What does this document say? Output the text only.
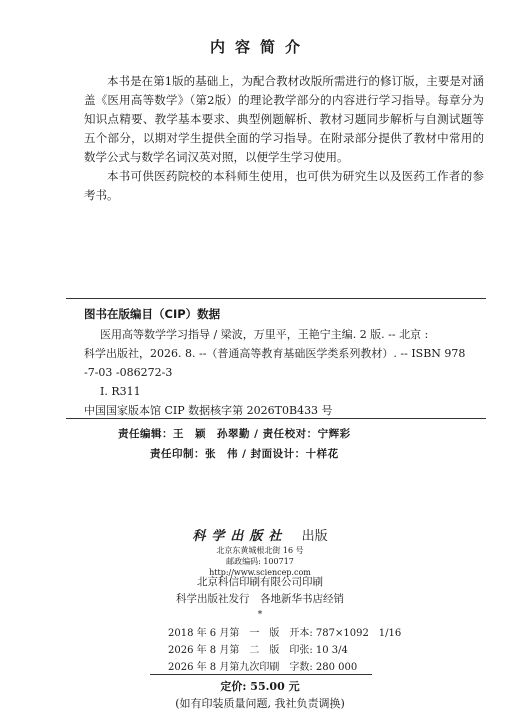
内容简介

本书是在第1版的基础上，为配合教材改版所需进行的修订版，主要是对涵盖《医用高等数学》（第2版）的理论教学部分的内容进行学习指导。每章分为知识点精要、教学基本要求、典型例题解析、教材习题同步解析与自测试题等五个部分，以期对学生提供全面的学习指导。在附录部分提供了教材中常用的数学公式与数学名词汉英对照，以便学生学习使用。

本书可供医药院校的本科师生使用，也可供为研究生以及医药工作者的参考书。

图书在版编目（CIP）数据
医用高等数学学习指导 / 梁波，万里平，王艳宁主编. 2 版. -- 北京 :
科学出版社，2026. 8. --（普通高等教育基础医学类系列教材）. -- ISBN 978
-7-03 -086272-3
Ⅰ. R311
中国国家版本馆 CIP 数据核字第 2026T0B433 号
责任编辑：王　颖　孙翠勤 / 责任校对：宁辉彩
责任印制：张　伟 / 封面设计：十样花
科学出版社 出版
北京东黄城根北街 16 号
邮政编码: 100717
http://www.sciencep.com
北京科信印刷有限公司印刷
科学出版社发行　各地新华书店经销
*
2018 年 6 月第　一　版　开本: 787×1092　1/16
2026 年 8 月第　二　版　印张: 10 3/4
2026 年 8 月第九次印刷　字数: 280 000
定价: 55.00 元
(如有印装质量问题, 我社负责调换)
